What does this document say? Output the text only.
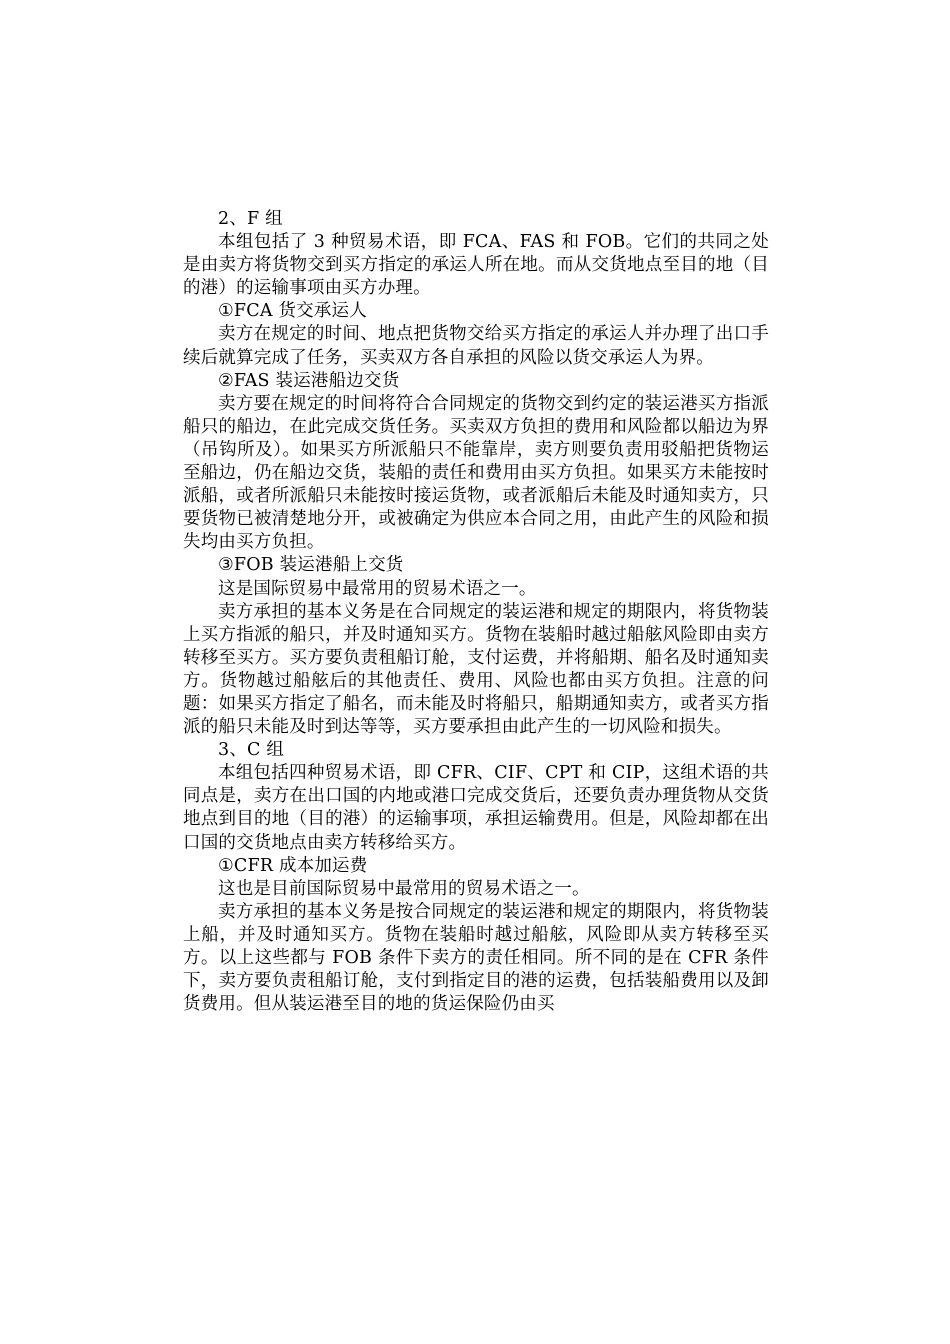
2、F 组

本组包括了 3 种贸易术语，即 FCA、FAS 和 FOB。它们的共同之处是由卖方将货物交到买方指定的承运人所在地。而从交货地点至目的地（目的港）的运输事项由买方办理。

①FCA 货交承运人

卖方在规定的时间、地点把货物交给买方指定的承运人并办理了出口手续后就算完成了任务，买卖双方各自承担的风险以货交承运人为界。

②FAS 装运港船边交货

卖方要在规定的时间将符合合同规定的货物交到约定的装运港买方指派船只的船边，在此完成交货任务。买卖双方负担的费用和风险都以船边为界（吊钩所及）。如果买方所派船只不能靠岸，卖方则要负责用驳船把货物运至船边，仍在船边交货，装船的责任和费用由买方负担。如果买方未能按时派船，或者所派船只未能按时接运货物，或者派船后未能及时通知卖方，只要货物已被清楚地分开，或被确定为供应本合同之用，由此产生的风险和损失均由买方负担。

③FOB 装运港船上交货

这是国际贸易中最常用的贸易术语之一。

卖方承担的基本义务是在合同规定的装运港和规定的期限内，将货物装上买方指派的船只，并及时通知买方。货物在装船时越过船舷风险即由卖方转移至买方。买方要负责租船订舱，支付运费，并将船期、船名及时通知卖方。货物越过船舷后的其他责任、费用、风险也都由买方负担。注意的问题：如果买方指定了船名，而未能及时将船只，船期通知卖方，或者买方指派的船只未能及时到达等等，买方要承担由此产生的一切风险和损失。

3、C 组

本组包括四种贸易术语，即 CFR、CIF、CPT 和 CIP，这组术语的共同点是，卖方在出口国的内地或港口完成交货后，还要负责办理货物从交货地点到目的地（目的港）的运输事项，承担运输费用。但是，风险却都在出口国的交货地点由卖方转移给买方。

①CFR 成本加运费

这也是目前国际贸易中最常用的贸易术语之一。

卖方承担的基本义务是按合同规定的装运港和规定的期限内，将货物装上船，并及时通知买方。货物在装船时越过船舷，风险即从卖方转移至买方。以上这些都与 FOB 条件下卖方的责任相同。所不同的是在 CFR 条件下，卖方要负责租船订舱，支付到指定目的港的运费，包括装船费用以及卸货费用。但从装运港至目的地的货运保险仍由买
